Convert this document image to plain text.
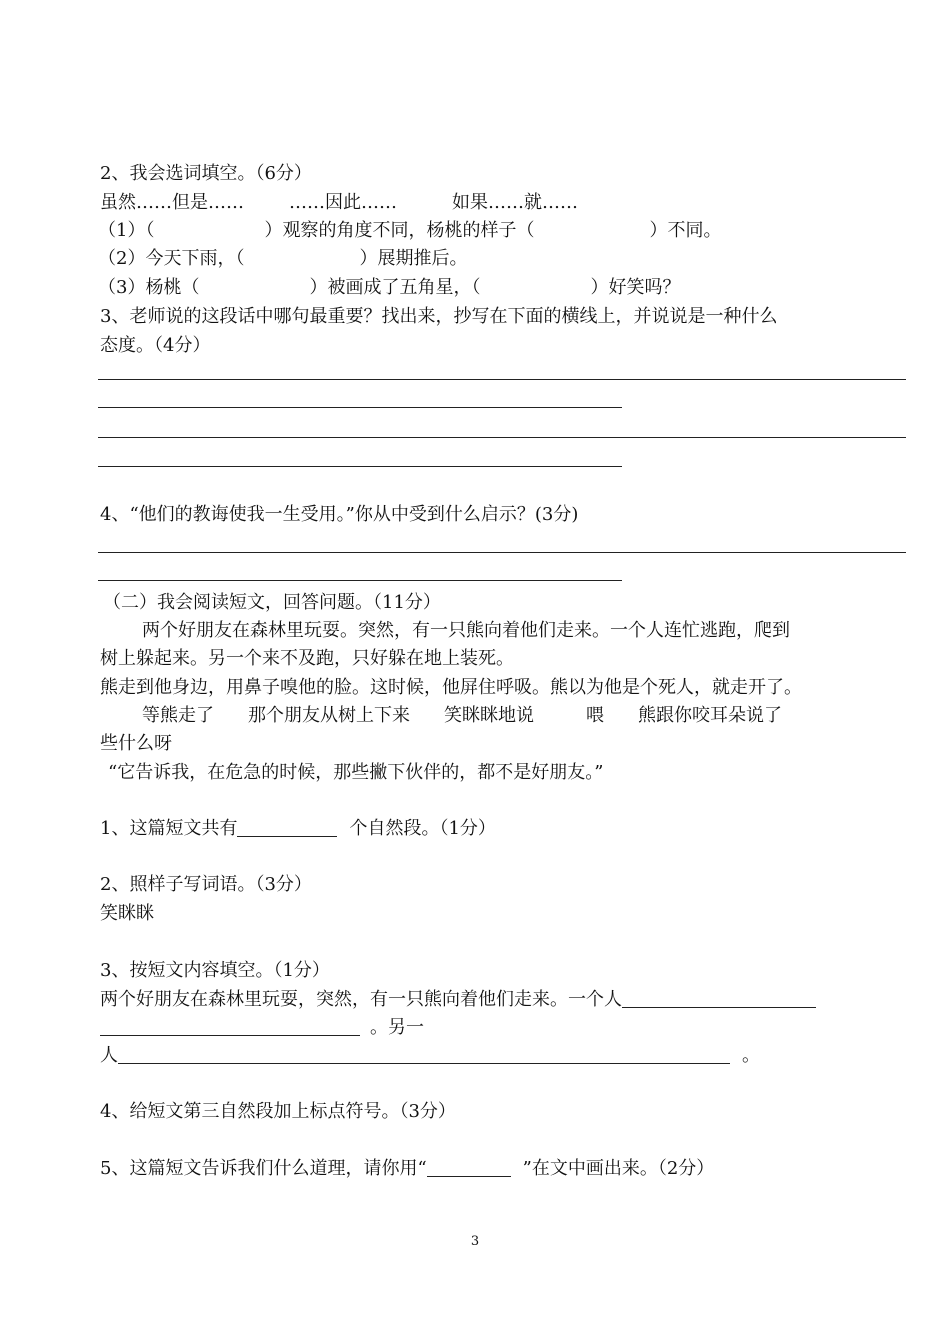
2、我会选词填空。（6分）
虽然……但是……	……因此……	如果……就……
（1）（	）观察的角度不同，杨桃的样子（	）不同。
（2）今天下雨，（	）展期推后。
（3）杨桃（	）被画成了五角星，（	）好笑吗？
3、老师说的这段话中哪句最重要？找出来，抄写在下面的横线上，并说说是一种什么
态度。（4分）
4、“他们的教诲使我一生受用。”你从中受到什么启示？(3分)
（二）我会阅读短文，回答问题。（11分）
两个好朋友在森林里玩耍。突然，有一只熊向着他们走来。一个人连忙逃跑，爬到
树上躲起来。另一个来不及跑，只好躲在地上装死。
熊走到他身边，用鼻子嗅他的脸。这时候，他屏住呼吸。熊以为他是个死人，就走开了。
等熊走了 那个朋友从树上下来 笑眯眯地说	喂 熊跟你咬耳朵说了
些什么呀
“它告诉我，在危急的时候，那些撇下伙伴的，都不是好朋友。”
1、这篇短文共有	个自然段。（1分）
2、照样子写词语。（3分）
笑眯眯
3、按短文内容填空。（1分）
两个好朋友在森林里玩耍，突然，有一只熊向着他们走来。一个人
。另一
人	。
4、给短文第三自然段加上标点符号。（3分）
5、这篇短文告诉我们什么道理，请你用“	”在文中画出来。（2分）
3
